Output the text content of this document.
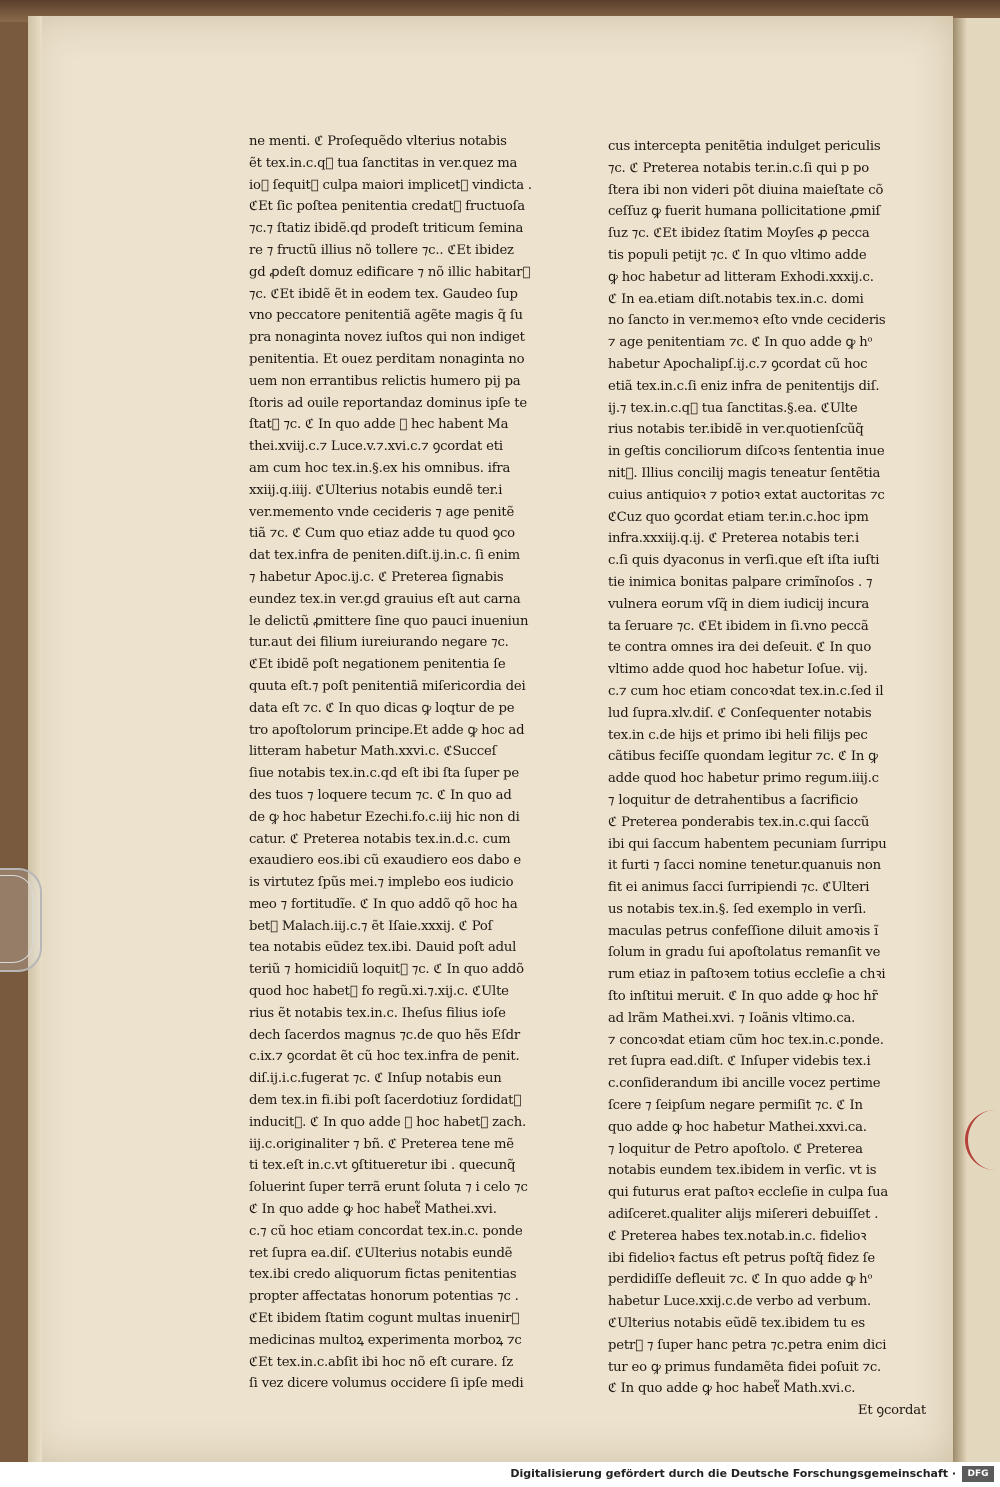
ne menti. ℭ Proſequẽdo vlterius notabis
ẽt tex.in.c.q᷑ tua ſanctitas in ver.quez ma
io᷑ ſequit᷑ culpa maiori implicet᷑ vindicta .
ℭEt ſic poſtea penitentia credat᷑ fructuoſa
⁊c.⁊ ſtatiz ibidẽ.qd prodeſt triticum ſemina
re ⁊ fructũ illius nõ tollere ⁊c.. ℭEt ibidez
gd ꝓdeſt domuz edificare ⁊ nõ illic habitar᷑
⁊c. ℭEt ibidẽ ẽt in eodem tex. Gaudeo ſup
vno peccatore penitentiã agẽte magis q̃ ſu
pra nonaginta novez iuſtos qui non indiget
penitentia. Et ouez perditam nonaginta no
uem non errantibus relictis humero pij pa
ſtoris ad ouile reportandaz dominus ipſe te
ſtat᷑ ⁊c. ℭ In quo adde ꝙ hec habent Ma
thei.xviij.c.⁊ Luce.v.⁊.xvi.c.⁊ ꝯcordat eti
am cum hoc tex.in.§.ex his omnibus. ifra
xxiij.q.iiij. ℭUlterius notabis eundẽ ter.i
ver.memento vnde cecideris ⁊ age penitẽ
tiã ⁊c. ℭ Cum quo etiaz adde tu quod ꝯco
dat tex.infra de peniten.diſt.ij.in.c. ſi enim
⁊ habetur Apoc.ij.c. ℭ Preterea ſignabis
eundez tex.in ver.gd grauius eſt aut carna
le delictũ ꝓmittere ſine quo pauci inueniun
tur.aut dei filium iureiurando negare ⁊c.
ℭEt ibidẽ poſt negationem penitentia ſe
quuta eſt.⁊ poſt penitentiã miſericordia dei
data eſt ⁊c. ℭ In quo dicas ꝙ loqtur de pe
tro apoſtolorum principe.Et adde ꝙ hoc ad
litteram habetur Math.xxvi.c. ℭSucceſ
ſiue notabis tex.in.c.qd eſt ibi ſta ſuper pe
des tuos ⁊ loquere tecum ⁊c. ℭ In quo ad
de ꝙ hoc habetur Ezechi.fo.c.iij hic non di
catur. ℭ Preterea notabis tex.in.d.c. cum
exaudiero eos.ibi cũ exaudiero eos dabo e
is virtutez ſpũs mei.⁊ implebo eos iudicio
meo ⁊ fortitudĩe. ℭ In quo addõ qõ hoc ha
bet᷑ Malach.iij.c.⁊ ẽt Iſaie.xxxij. ℭ Poſ
tea notabis eũdez tex.ibi. Dauid poſt adul
teriũ ⁊ homicidiũ loquit᷑ ⁊c. ℭ In quo addõ
quod hoc habet᷑ fo regũ.xi.⁊.xij.c. ℭUlte
rius ẽt notabis tex.in.c. Iheſus filius ioſe
dech ſacerdos magnus ⁊c.de quo hẽs Eſdr
c.ix.⁊ ꝯcordat ẽt cũ hoc tex.infra de penit.
diſ.ij.i.c.fugerat ⁊c. ℭ Inſup notabis eun
dem tex.in fi.ibi poſt ſacerdotiuz ſordidat᷒
inducit᷑. ℭ In quo adde ꝙ hoc habet᷑ zach.
iij.c.originaliter ⁊ bñ. ℭ Preterea tene mẽ
ti tex.eſt in.c.vt ꝯſtitueretur ibi . quecunq̃
ſoluerint ſuper terrã erunt ſoluta ⁊ i celo ⁊c
ℭ In quo adde ꝙ hoc habet᷑ Mathei.xvi.
c.⁊ cũ hoc etiam concordat tex.in.c. ponde
ret ſupra ea.diſ. ℭUlterius notabis eundẽ
tex.ibi credo aliquorum fictas penitentias
propter affectatas honorum potentias ⁊c .
ℭEt ibidem ſtatim cogunt multas inuenir᷑
medicinas multoꝝ experimenta morboꝝ ⁊c
ℭEt tex.in.c.abſit ibi hoc nõ eſt curare. ſz
ſi vez dicere volumus occidere ſi ipſe medi
cus intercepta penitẽtia indulget periculis
⁊c. ℭ Preterea notabis ter.in.c.ſi qui p po
ſtera ibi non videri põt diuina maieſtate cõ
ceſſuz ꝙ fuerit humana pollicitatione ꝓmiſ
ſuz ⁊c. ℭEt ibidez ſtatim Moyſes ꝓ pecca
tis populi petijt ⁊c. ℭ In quo vltimo adde
ꝙ hoc habetur ad litteram Exhodi.xxxij.c.
ℭ In ea.etiam diſt.notabis tex.in.c. domi
no ſancto in ver.memoꝛ eſto vnde cecideris
⁊ age penitentiam ⁊c. ℭ In quo adde ꝙ hᵒ
habetur Apochalipſ.ij.c.⁊ ꝯcordat cũ hoc
etiã tex.in.c.ſi eniz infra de penitentijs diſ.
ij.⁊ tex.in.c.q᷑ tua ſanctitas.§.ea. ℭUlte
rius notabis ter.ibidẽ in ver.quotienſcũq̃
in geſtis conciliorum diſcoꝛs ſententia inue
nit᷑. Illius concilij magis teneatur ſentẽtia
cuius antiquioꝛ ⁊ potioꝛ extat auctoritas ⁊c
ℭCuz quo ꝯcordat etiam ter.in.c.hoc ipm
infra.xxxiij.q.ij. ℭ Preterea notabis ter.i
c.ſi quis dyaconus in verſi.que eſt iſta iuſti
tie inimica bonitas palpare crimĩnoſos . ⁊
vulnera eorum vſq̃ in diem iudicij incura
ta ſeruare ⁊c. ℭEt ibidem in ſi.vno peccã
te contra omnes ira dei deſeuit. ℭ In quo
vltimo adde quod hoc habetur Ioſue. vij.
c.⁊ cum hoc etiam concoꝛdat tex.in.c.ſed il
lud ſupra.xlv.diſ. ℭ Conſequenter notabis
tex.in c.de hijs et primo ibi heli filijs pec
cãtibus feciſſe quondam legitur ⁊c. ℭ In ꝙ
adde quod hoc habetur primo regum.iiij.c
⁊ loquitur de detrahentibus a ſacrificio
ℭ Preterea ponderabis tex.in.c.qui ſaccũ
ibi qui ſaccum habentem pecuniam ſurripu
it furti ⁊ ſacci nomine tenetur.quanuis non
fit ei animus ſacci ſurripiendi ⁊c. ℭUlteri
us notabis tex.in.§. ſed exemplo in verſi.
maculas petrus confeſſione diluit amoꝛis ĩ
ſolum in gradu ſui apoſtolatus remanſit ve
rum etiaz in paſtoꝛem totius eccleſie a chꝛi
ſto inſtitui meruit. ℭ In quo adde ꝙ hoc hr̃
ad lrãm Mathei.xvi. ⁊ Ioãnis vltimo.ca.
⁊ concoꝛdat etiam cũm hoc tex.in.c.ponde.
ret ſupra ead.diſt. ℭ Inſuper videbis tex.i
c.conſiderandum ibi ancille vocez pertime
ſcere ⁊ ſeipſum negare permiſit ⁊c. ℭ In
quo adde ꝙ hoc habetur Mathei.xxvi.ca.
⁊ loquitur de Petro apoſtolo. ℭ Preterea
notabis eundem tex.ibidem in verſic. vt is
qui futurus erat paſtoꝛ eccleſie in culpa ſua
adiſceret.qualiter alijs miſereri debuiſſet .
ℭ Preterea habes tex.notab.in.c. fidelioꝛ
ibi fidelioꝛ factus eſt petrus poſtq̃ fidez ſe
perdidiſſe defleuit ⁊c. ℭ In quo adde ꝙ hᵒ
habetur Luce.xxij.c.de verbo ad verbum.
ℭUlterius notabis eũdẽ tex.ibidem tu es
petr᷒ ⁊ ſuper hanc petra ⁊c.petra enim dici
tur eo ꝙ primus fundamẽta fidei poſuit ⁊c.
ℭ In quo adde ꝙ hoc habet᷑ Math.xvi.c.
Et ꝯcordat
Digitalisierung gefördert durch die Deutsche Forschungsgemeinschaft ·	DFG
